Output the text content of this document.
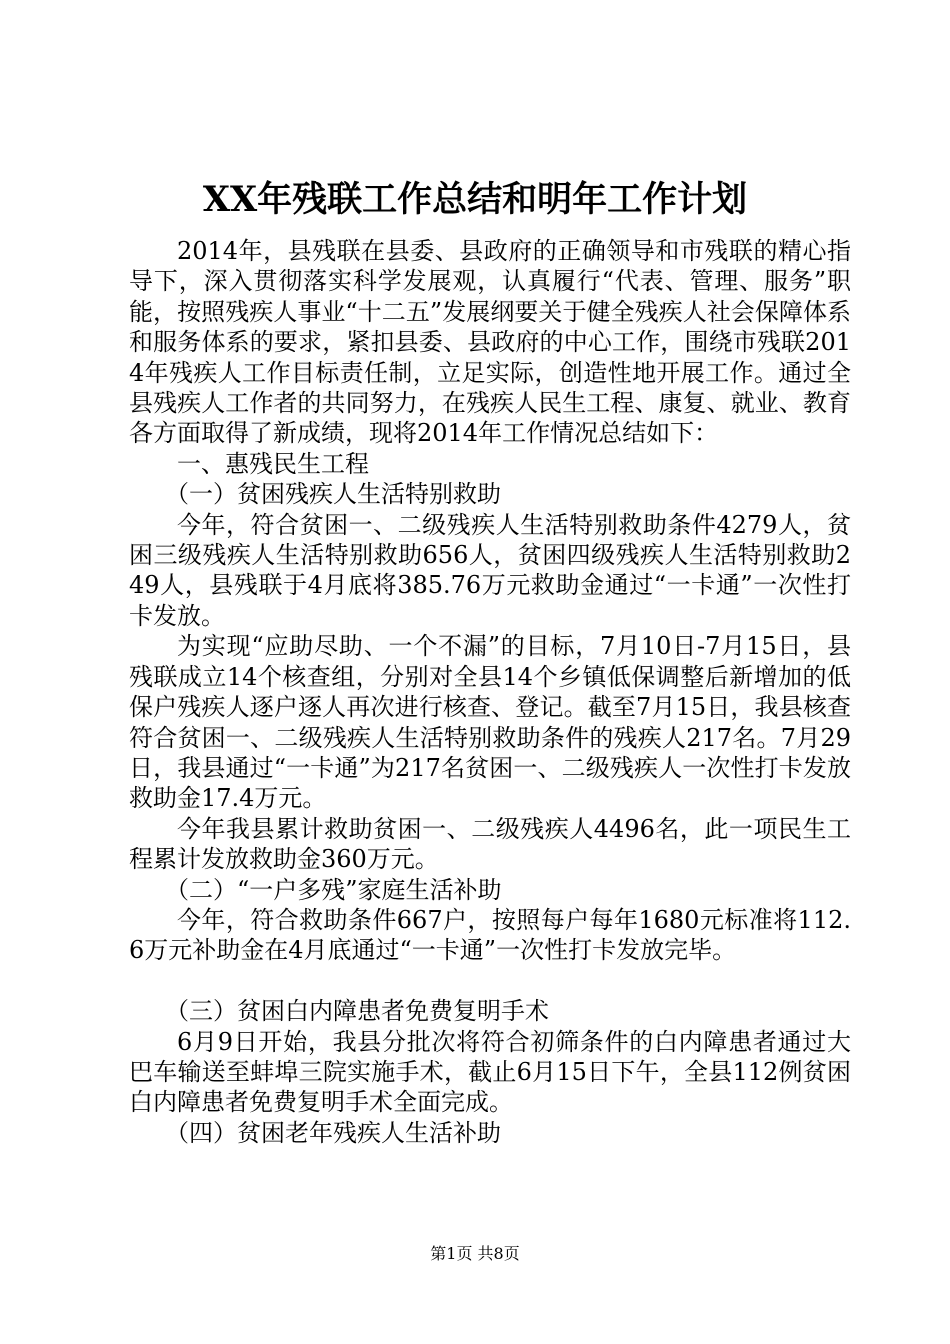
XX年残联工作总结和明年工作计划

2014年，县残联在县委、县政府的正确领导和市残联的精心指导下，深入贯彻落实科学发展观，认真履行“代表、管理、服务”职能，按照残疾人事业“十二五”发展纲要关于健全残疾人社会保障体系和服务体系的要求，紧扣县委、县政府的中心工作，围绕市残联2014年残疾人工作目标责任制，立足实际，创造性地开展工作。通过全县残疾人工作者的共同努力，在残疾人民生工程、康复、就业、教育各方面取得了新成绩，现将2014年工作情况总结如下：

一、惠残民生工程

（一）贫困残疾人生活特别救助

今年，符合贫困一、二级残疾人生活特别救助条件4279人，贫困三级残疾人生活特别救助656人，贫困四级残疾人生活特别救助249人，县残联于4月底将385.76万元救助金通过“一卡通”一次性打卡发放。

为实现“应助尽助、一个不漏”的目标，7月10日-7月15日，县残联成立14个核查组，分别对全县14个乡镇低保调整后新增加的低保户残疾人逐户逐人再次进行核查、登记。截至7月15日，我县核查符合贫困一、二级残疾人生活特别救助条件的残疾人217名。7月29日，我县通过“一卡通”为217名贫困一、二级残疾人一次性打卡发放救助金17.4万元。

今年我县累计救助贫困一、二级残疾人4496名，此一项民生工程累计发放救助金360万元。

（二）“一户多残”家庭生活补助

今年，符合救助条件667户，按照每户每年1680元标准将112.6万元补助金在4月底通过“一卡通”一次性打卡发放完毕。

（三）贫困白内障患者免费复明手术

6月9日开始，我县分批次将符合初筛条件的白内障患者通过大巴车输送至蚌埠三院实施手术，截止6月15日下午，全县112例贫困白内障患者免费复明手术全面完成。

（四）贫困老年残疾人生活补助

第1页 共8页
